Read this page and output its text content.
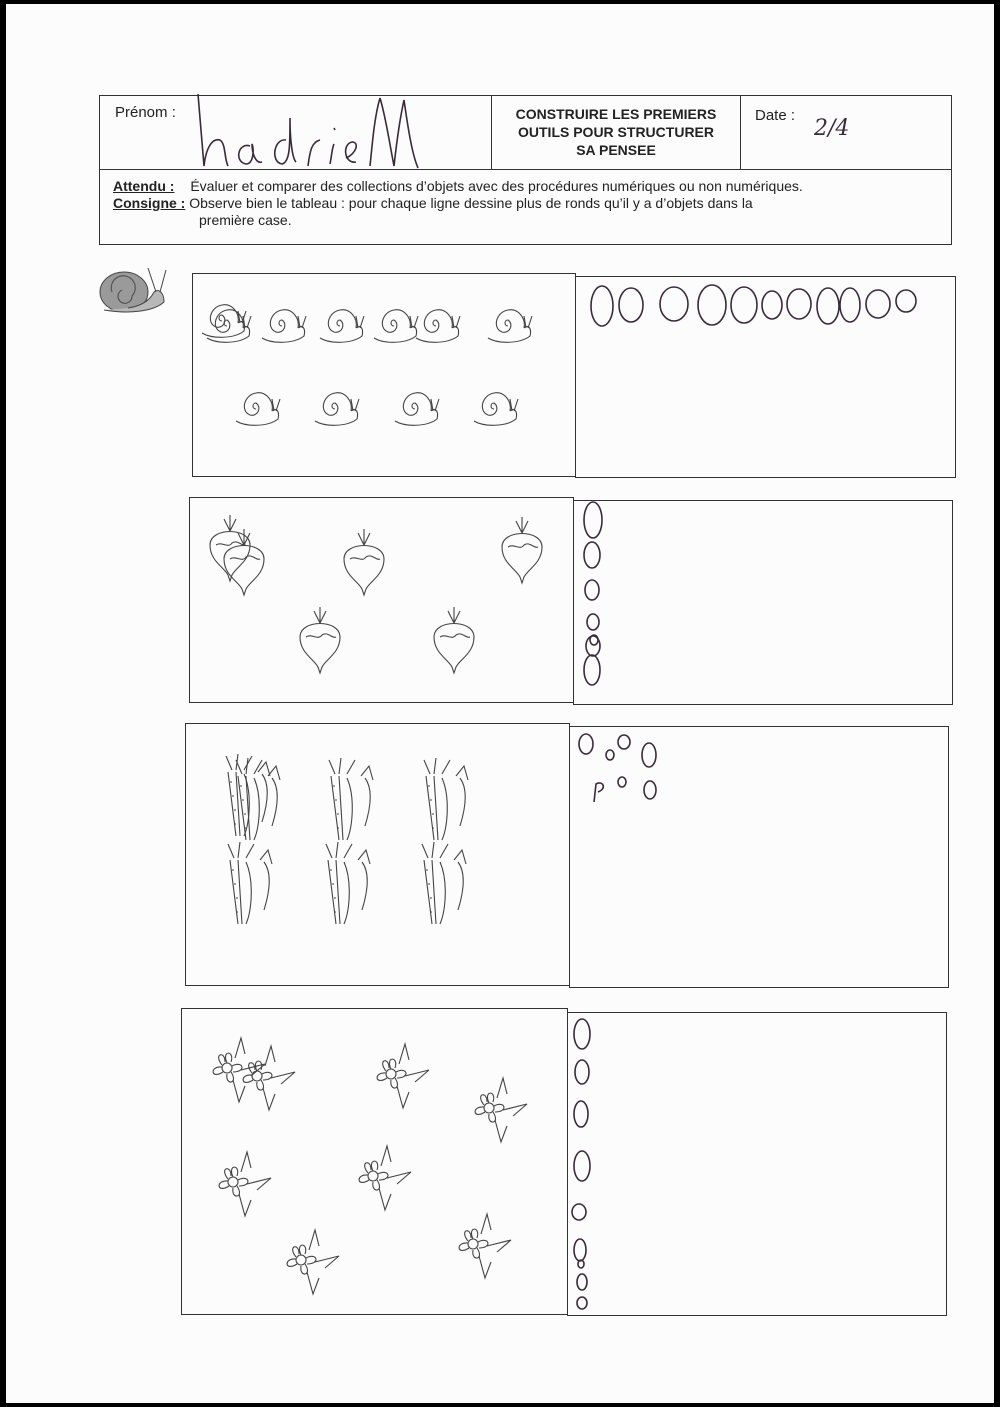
Prénom :	CONSTRUIRE LES PREMIERS
OUTILS POUR STRUCTURER
SA PENSEE
Date :
2/4
Attendu : Évaluer et comparer des collections d’objets avec des procédures numériques ou non numériques.
Consigne : Observe bien le tableau : pour chaque ligne dessine plus de ronds qu’il y a d’objets dans la
première case.
